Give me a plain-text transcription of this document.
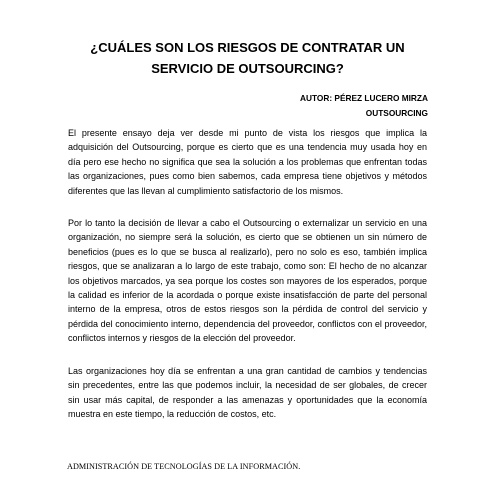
¿CUÁLES SON LOS RIESGOS DE CONTRATAR UN
SERVICIO DE OUTSOURCING?

AUTOR: PÉREZ LUCERO MIRZA

OUTSOURCING

El presente ensayo deja ver desde mi punto de vista los riesgos que implica la adquisición del Outsourcing, porque es cierto que es una tendencia muy usada hoy en día pero ese hecho no significa que sea la solución a los problemas que enfrentan todas las organizaciones, pues como bien sabemos, cada empresa tiene objetivos y métodos diferentes que las llevan al cumplimiento satisfactorio de los mismos.

Por lo tanto la decisión de llevar a cabo el Outsourcing o externalizar un servicio en una organización, no siempre será la solución, es cierto que se obtienen un sin número de beneficios (pues es lo que se busca al realizarlo), pero no solo es eso, también implica riesgos, que se analizaran a lo largo de este trabajo, como son: El hecho de no alcanzar los objetivos marcados, ya sea porque los costes son mayores de los esperados, porque la calidad es inferior de la acordada o porque existe insatisfacción de parte del personal interno de la empresa, otros de estos riesgos son la pérdida de control del servicio y pérdida del conocimiento interno, dependencia del proveedor, conflictos con el proveedor, conflictos internos y riesgos de la elección del proveedor.

Las organizaciones hoy día se enfrentan a una gran cantidad de cambios y tendencias sin precedentes, entre las que podemos incluir, la necesidad de ser globales, de crecer sin usar más capital, de responder a las amenazas y oportunidades que la economía muestra en este tiempo, la reducción de costos, etc.

ADMINISTRACIÓN DE TECNOLOGÍAS DE LA INFORMACIÓN.
